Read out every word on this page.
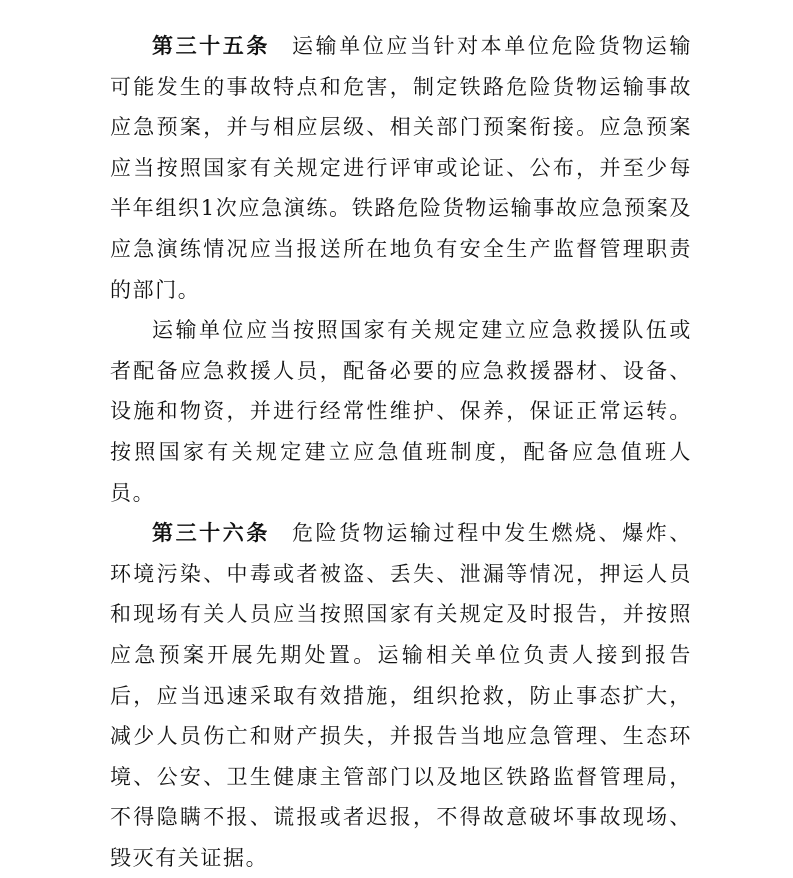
第三十五条 运输单位应当针对本单位危险货物运输可能发生的事故特点和危害，制定铁路危险货物运输事故应急预案，并与相应层级、相关部门预案衔接。应急预案应当按照国家有关规定进行评审或论证、公布，并至少每半年组织1次应急演练。铁路危险货物运输事故应急预案及应急演练情况应当报送所在地负有安全生产监督管理职责的部门。

运输单位应当按照国家有关规定建立应急救援队伍或者配备应急救援人员，配备必要的应急救援器材、设备、设施和物资，并进行经常性维护、保养，保证正常运转。按照国家有关规定建立应急值班制度，配备应急值班人员。

第三十六条 危险货物运输过程中发生燃烧、爆炸、环境污染、中毒或者被盗、丢失、泄漏等情况，押运人员和现场有关人员应当按照国家有关规定及时报告，并按照应急预案开展先期处置。运输相关单位负责人接到报告后，应当迅速采取有效措施，组织抢救，防止事态扩大，减少人员伤亡和财产损失，并报告当地应急管理、生态环境、公安、卫生健康主管部门以及地区铁路监督管理局，不得隐瞒不报、谎报或者迟报，不得故意破坏事故现场、毁灭有关证据。
